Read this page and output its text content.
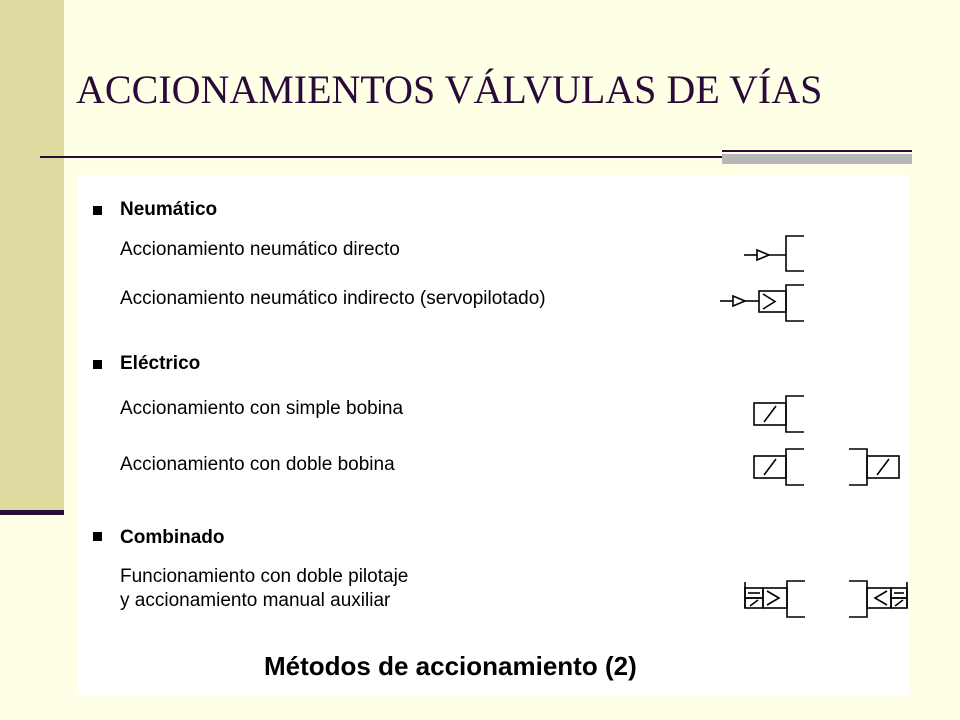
ACCIONAMIENTOS VÁLVULAS DE VÍAS
Neumático
Accionamiento neumático directo
Accionamiento neumático indirecto (servopilotado)
Eléctrico
Accionamiento con simple bobina
Accionamiento con doble bobina
Combinado
Funcionamiento con doble pilotaje
y accionamiento manual auxiliar
Métodos de accionamiento (2)
